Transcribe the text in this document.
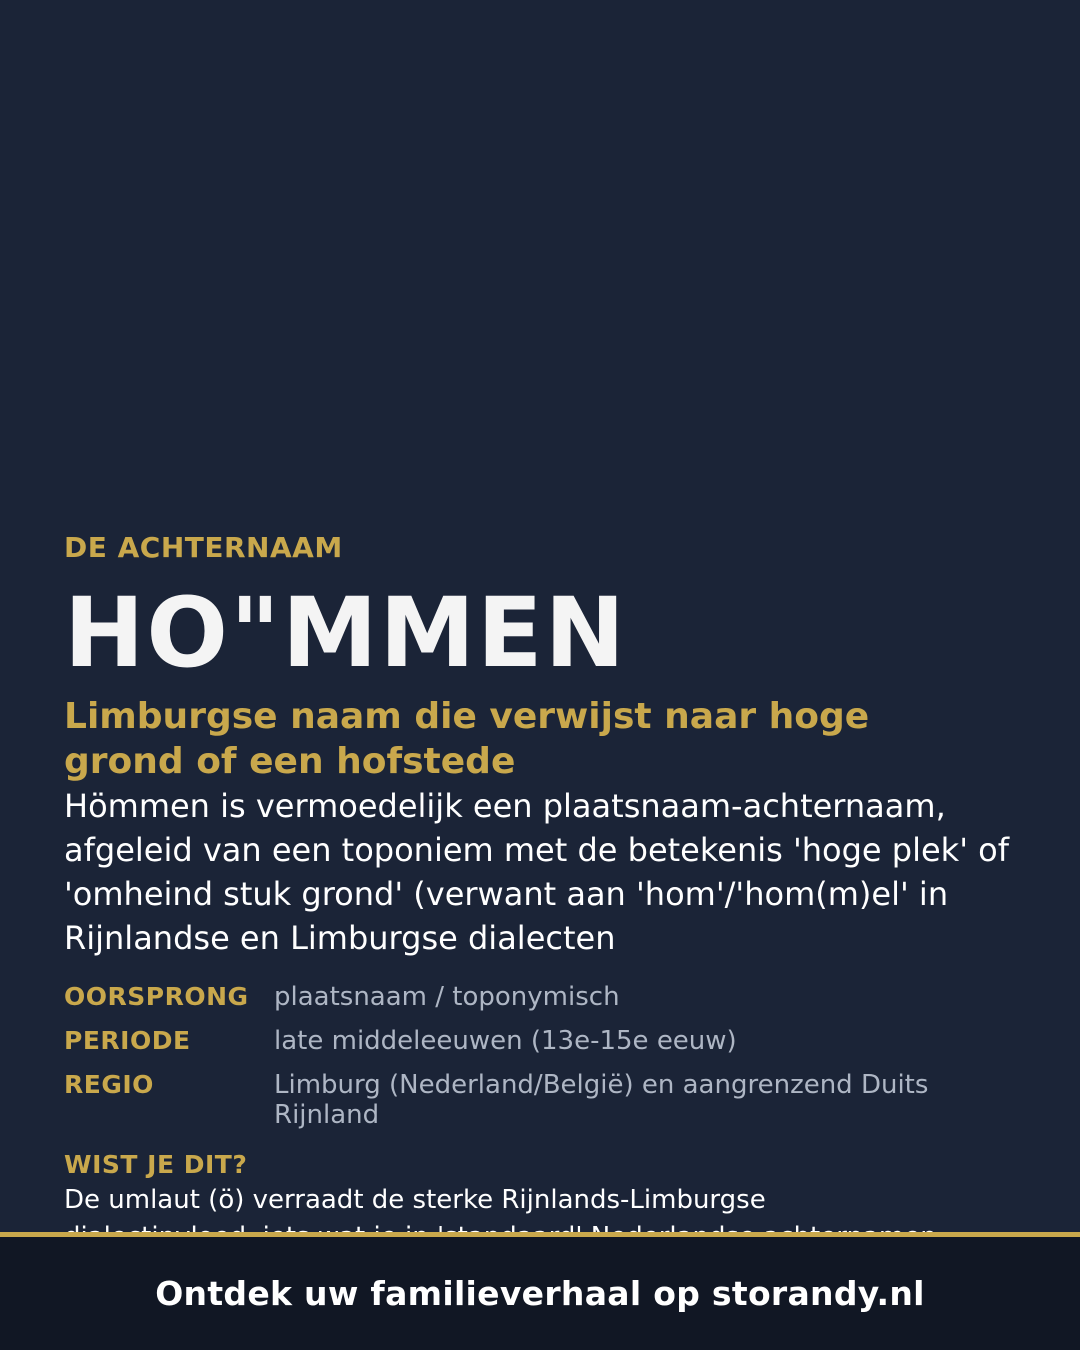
DE ACHTERNAAM
HO"MMEN
Limburgse naam die verwijst naar hoge grond of een hofstede
Hömmen is vermoedelijk een plaatsnaam-achternaam, afgeleid van een toponiem met de betekenis 'hoge plek' of 'omheind stuk grond' (verwant aan 'hom'/'hom(m)el' in Rijnlandse en Limburgse dialecten
OORSPRONG plaatsnaam / toponymisch
PERIODE	late middeleeuwen (13e-15e eeuw)
REGIO	Limburg (Nederland/België) en aangrenzend Duits Rijnland
WIST JE DIT?
De umlaut (ö) verraadt de sterke Rijnlands-Limburgse
Ontdek uw familieverhaal op storandy.nl
